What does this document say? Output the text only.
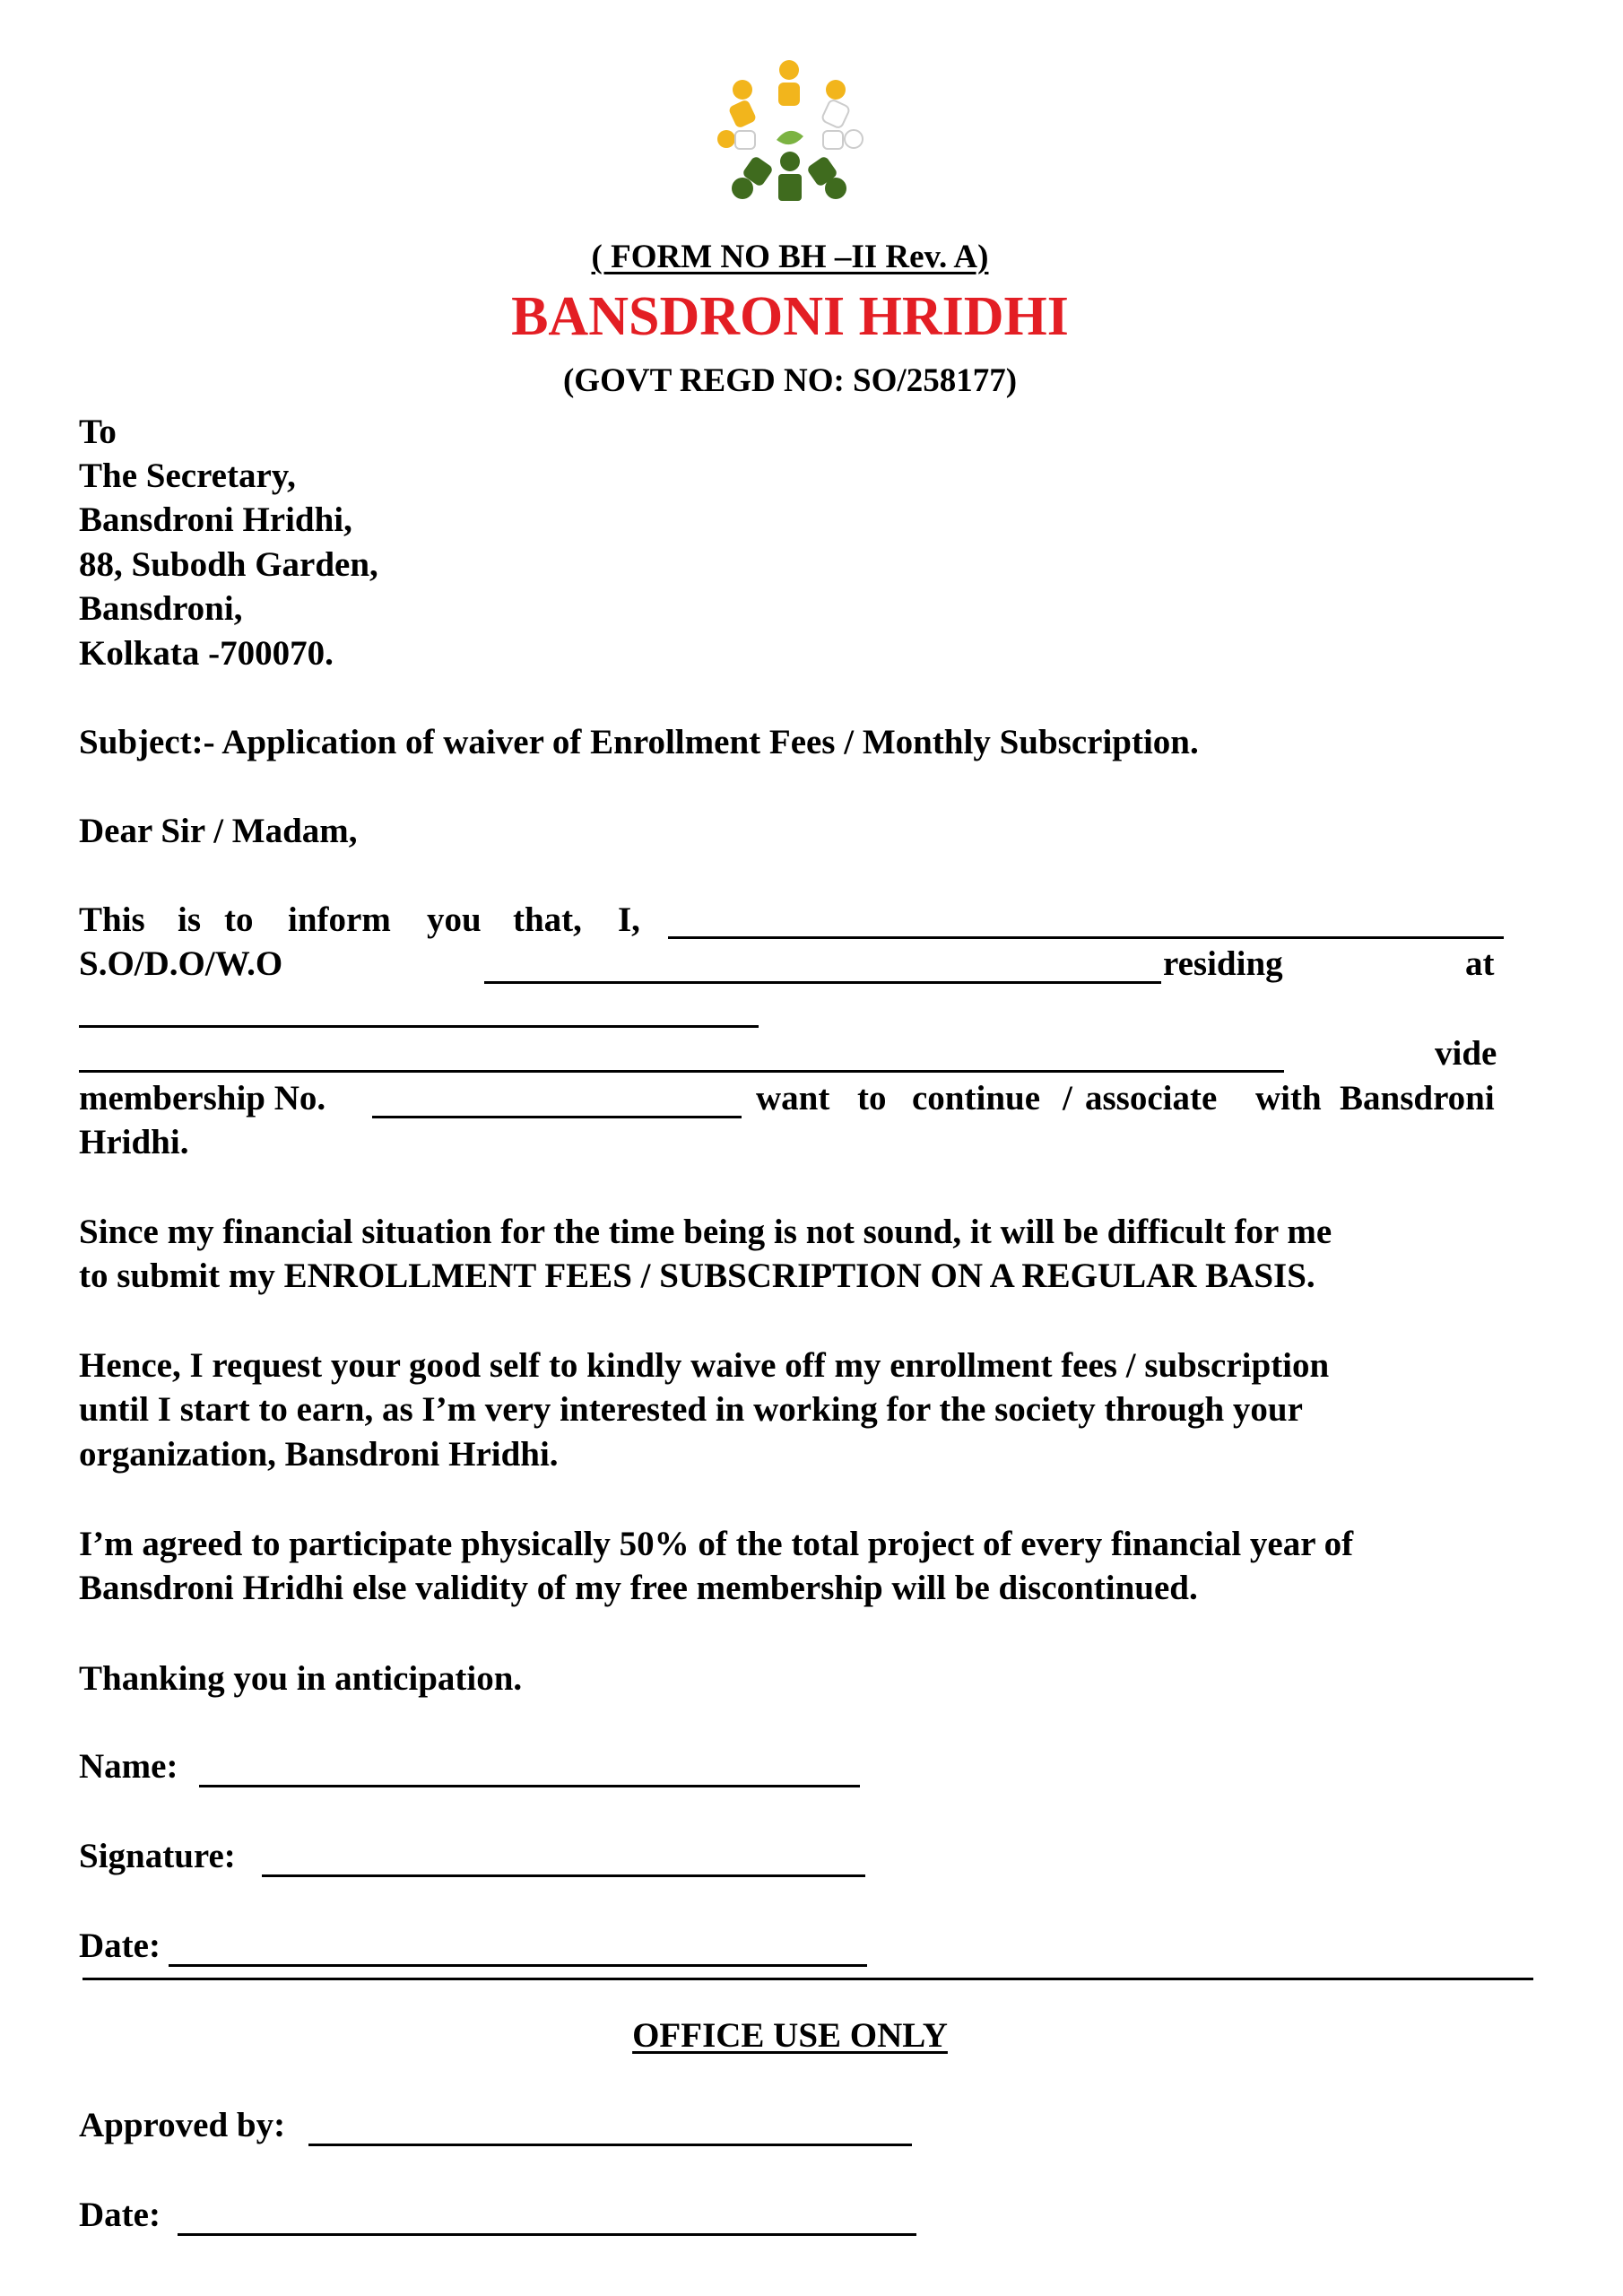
( FORM NO BH –II Rev. A)
BANSDRONI HRIDHI
(GOVT REGD NO: SO/258177)
To
The Secretary,
Bansdroni Hridhi,
88, Subodh Garden,
Bansdroni,
Kolkata -700070.
Subject:- Application of waiver of Enrollment Fees / Monthly Subscription.
Dear Sir / Madam,
This is to inform you that, I,
S.O/D.O/W.O	residing	at
vide
membership No.	want to continue / associate with Bansdroni
Hridhi.
Since my financial situation for the time being is not sound, it will be difficult for me
to submit my ENROLLMENT FEES / SUBSCRIPTION ON A REGULAR BASIS.
Hence, I request your good self to kindly waive off my enrollment fees / subscription
until I start to earn, as I’m very interested in working for the society through your
organization, Bansdroni Hridhi.
I’m agreed to participate physically 50% of the total project of every financial year of
Bansdroni Hridhi else validity of my free membership will be discontinued.
Thanking you in anticipation.
Name:
Signature:
Date:
OFFICE USE ONLY
Approved by:
Date:
